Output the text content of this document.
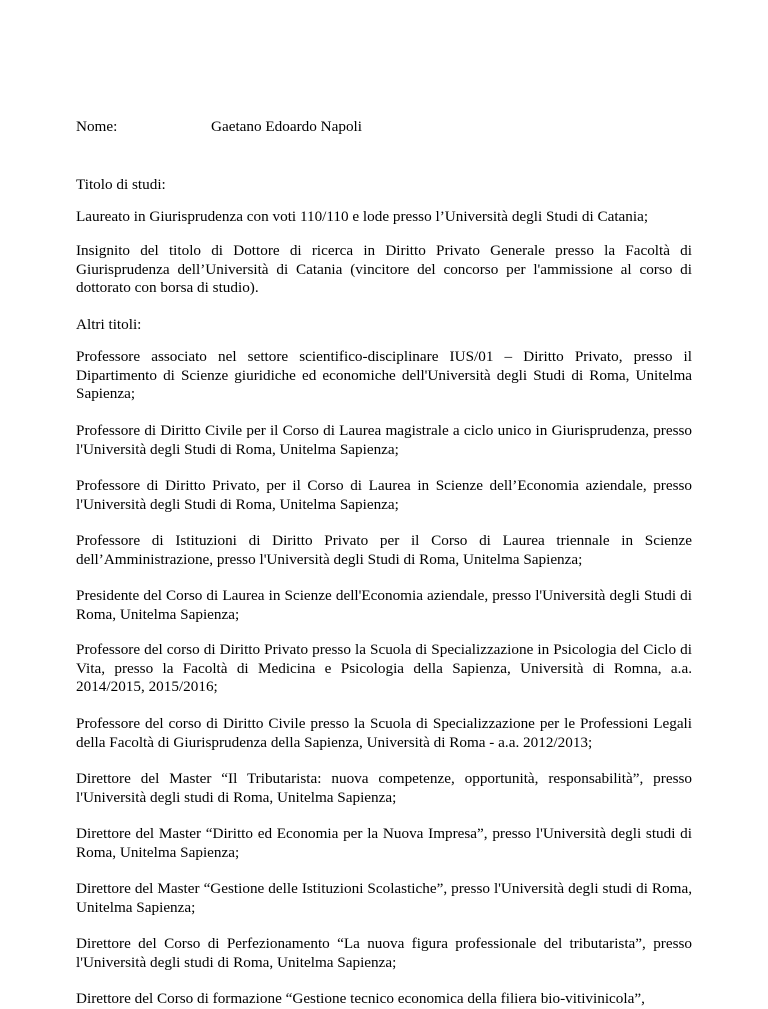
Nome:	Gaetano Edoardo Napoli
Titolo di studi:

Laureato in Giurisprudenza con voti 110/110 e lode presso l’Università degli Studi di Catania;

Insignito del titolo di Dottore di ricerca in Diritto Privato Generale presso la Facoltà di Giurisprudenza dell’Università di Catania (vincitore del concorso per l'ammissione al corso di dottorato con borsa di studio).

Altri titoli:

Professore associato nel settore scientifico-disciplinare IUS/01 – Diritto Privato, presso il Dipartimento di Scienze giuridiche ed economiche dell'Università degli Studi di Roma, Unitelma Sapienza;

Professore di Diritto Civile per il Corso di Laurea magistrale a ciclo unico in Giurisprudenza, presso l'Università degli Studi di Roma, Unitelma Sapienza;

Professore di Diritto Privato, per il Corso di Laurea in Scienze dell’Economia aziendale, presso l'Università degli Studi di Roma, Unitelma Sapienza;

Professore di Istituzioni di Diritto Privato per il Corso di Laurea triennale in Scienze dell’Amministrazione, presso l'Università degli Studi di Roma, Unitelma Sapienza;

Presidente del Corso di Laurea in Scienze dell'Economia aziendale, presso l'Università degli Studi di Roma, Unitelma Sapienza;

Professore del corso di Diritto Privato presso la Scuola di Specializzazione in Psicologia del Ciclo di Vita, presso la Facoltà di Medicina e Psicologia della Sapienza, Università di Romna, a.a. 2014/2015, 2015/2016;

Professore del corso di Diritto Civile presso la Scuola di Specializzazione per le Professioni Legali della Facoltà di Giurisprudenza della Sapienza, Università di Roma - a.a. 2012/2013;

Direttore del Master “Il Tributarista: nuova competenze, opportunità, responsabilità”, presso l'Università degli studi di Roma, Unitelma Sapienza;

Direttore del Master “Diritto ed Economia per la Nuova Impresa”, presso l'Università degli studi di Roma, Unitelma Sapienza;

Direttore del Master “Gestione delle Istituzioni Scolastiche”, presso l'Università degli studi di Roma, Unitelma Sapienza;

Direttore del Corso di Perfezionamento “La nuova figura professionale del tributarista”, presso l'Università degli studi di Roma, Unitelma Sapienza;

Direttore del Corso di formazione “Gestione tecnico economica della filiera bio-vitivinicola”,
